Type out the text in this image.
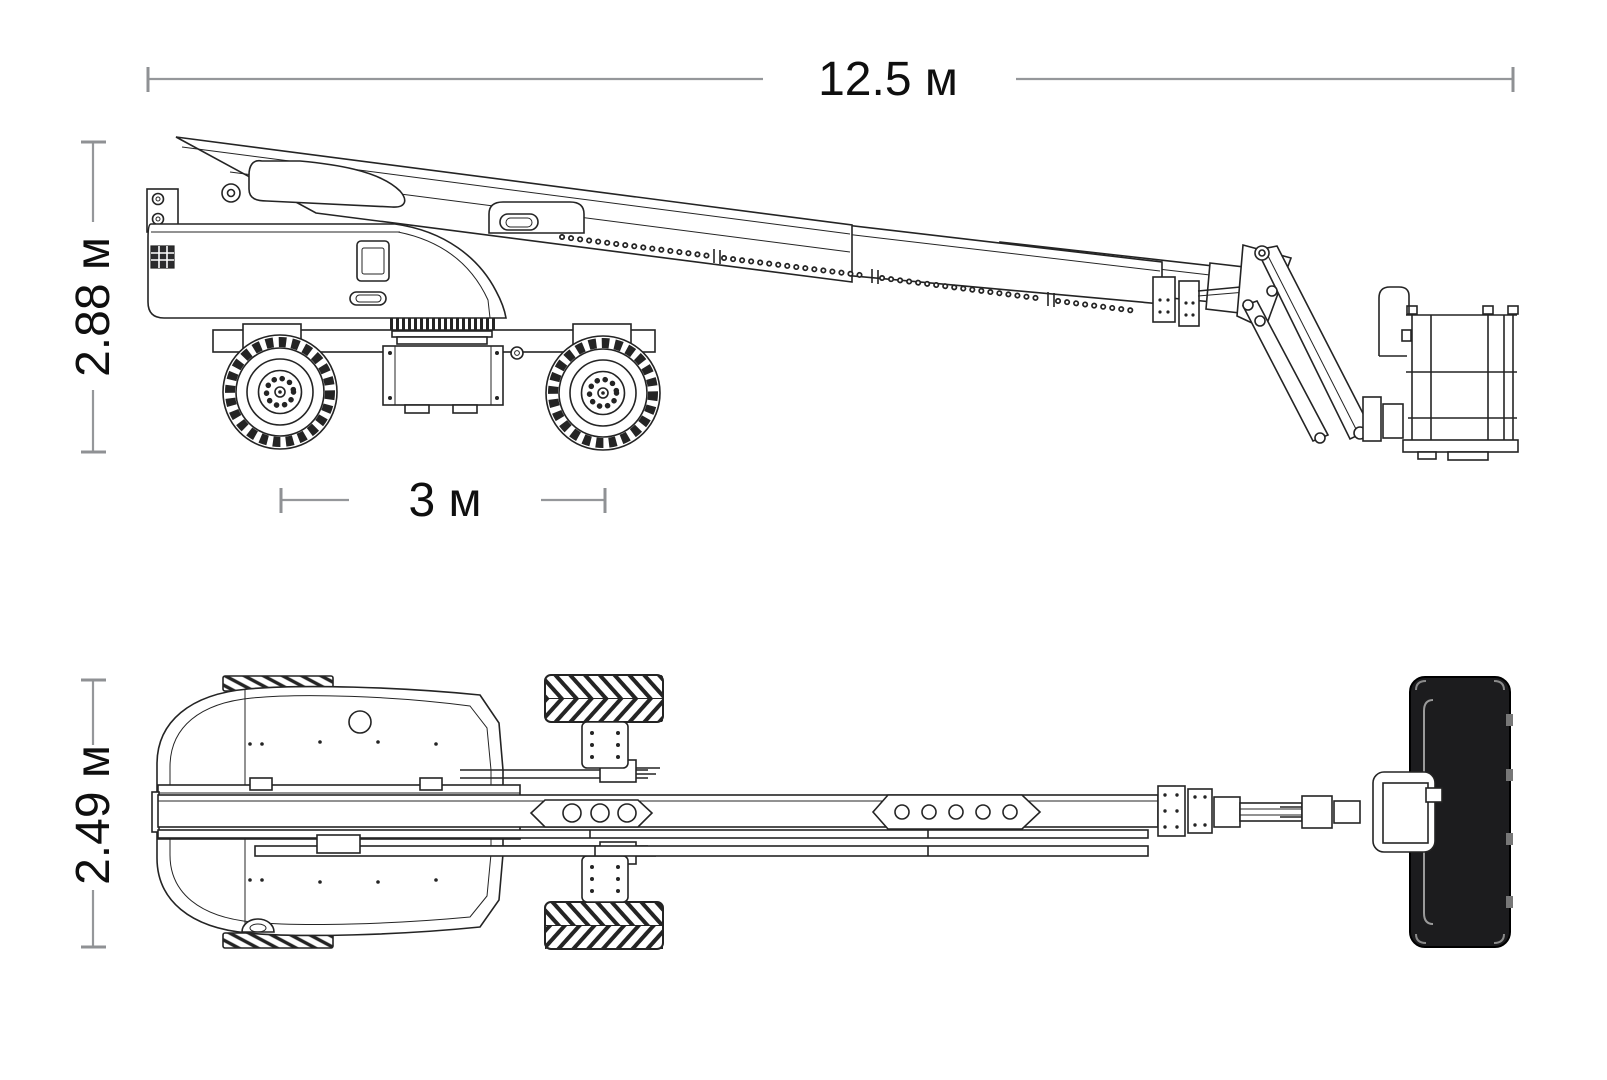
12.5 м
2.88 м
3 м
2.49 м
